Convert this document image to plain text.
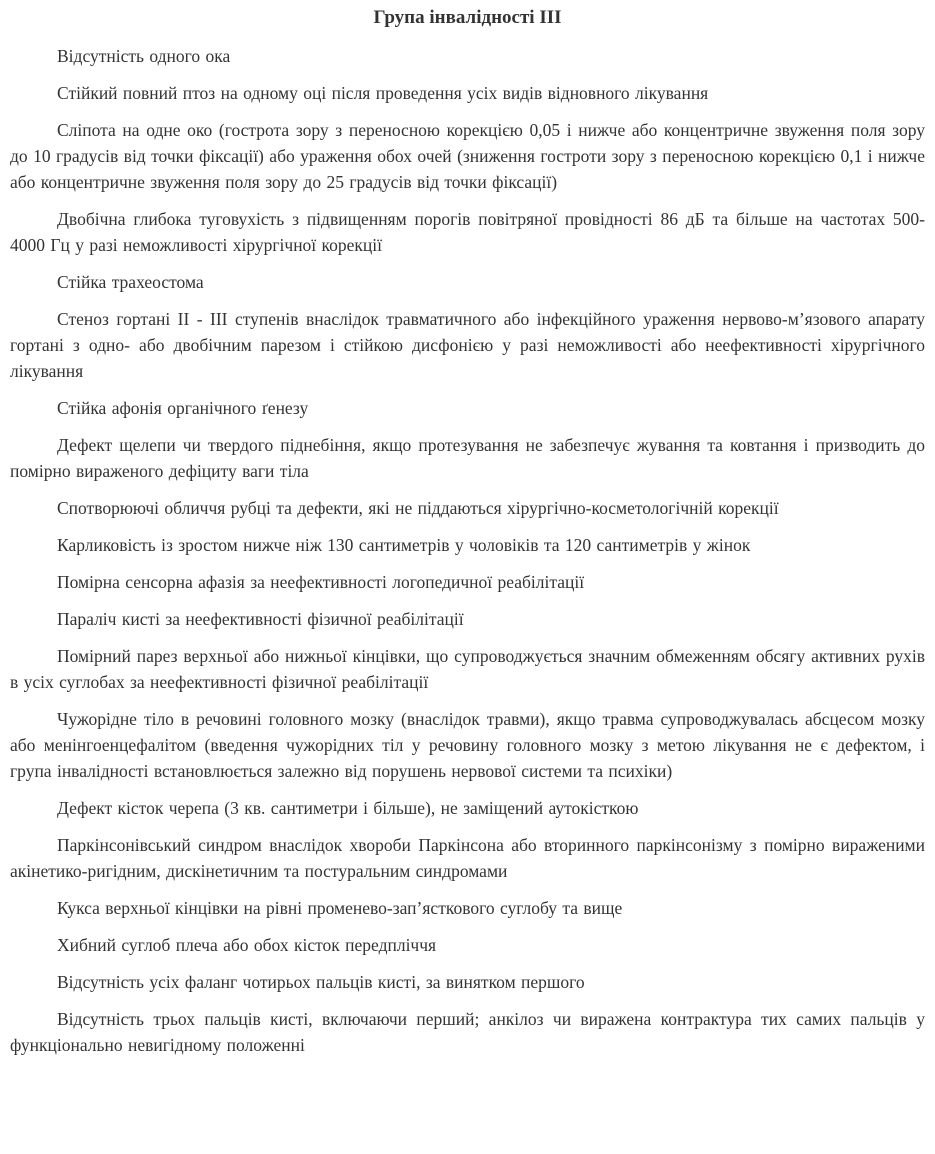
Група інвалідності III

Відсутність одного ока

Стійкий повний птоз на одному оці після проведення усіх видів відновного лікування

Сліпота на одне око (гострота зору з переносною корекцією 0,05 і нижче або концентричне звуження поля зору до 10 градусів від точки фіксації) або ураження обох очей (зниження гостроти зору з переносною корекцією 0,1 і нижче або концентричне звуження поля зору до 25 градусів від точки фіксації)

Двобічна глибока туговухість з підвищенням порогів повітряної провідності 86 дБ та більше на частотах 500-4000 Гц у разі неможливості хірургічної корекції

Стійка трахеостома

Стеноз гортані II - III ступенів внаслідок травматичного або інфекційного ураження нервово-м’язового апарату гортані з одно- або двобічним парезом і стійкою дисфонією у разі неможливості або неефективності хірургічного лікування

Стійка афонія органічного ґенезу

Дефект щелепи чи твердого піднебіння, якщо протезування не забезпечує жування та ковтання і призводить до помірно вираженого дефіциту ваги тіла

Спотворюючі обличчя рубці та дефекти, які не піддаються хірургічно-косметологічній корекції

Карликовість із зростом нижче ніж 130 сантиметрів у чоловіків та 120 сантиметрів у жінок

Помірна сенсорна афазія за неефективності логопедичної реабілітації

Параліч кисті за неефективності фізичної реабілітації

Помірний парез верхньої або нижньої кінцівки, що супроводжується значним обмеженням обсягу активних рухів в усіх суглобах за неефективності фізичної реабілітації

Чужорідне тіло в речовині головного мозку (внаслідок травми), якщо травма супроводжувалась абсцесом мозку або менінгоенцефалітом (введення чужорідних тіл у речовину головного мозку з метою лікування не є дефектом, і група інвалідності встановлюється залежно від порушень нервової системи та психіки)

Дефект кісток черепа (3 кв. сантиметри і більше), не заміщений аутокісткою

Паркінсонівський синдром внаслідок хвороби Паркінсона або вторинного паркінсонізму з помірно вираженими акінетико-ригідним, дискінетичним та постуральним синдромами

Кукса верхньої кінцівки на рівні променево-зап’ясткового суглобу та вище

Хибний суглоб плеча або обох кісток передпліччя

Відсутність усіх фаланг чотирьох пальців кисті, за винятком першого

Відсутність трьох пальців кисті, включаючи перший; анкілоз чи виражена контрактура тих самих пальців у функціонально невигідному положенні
